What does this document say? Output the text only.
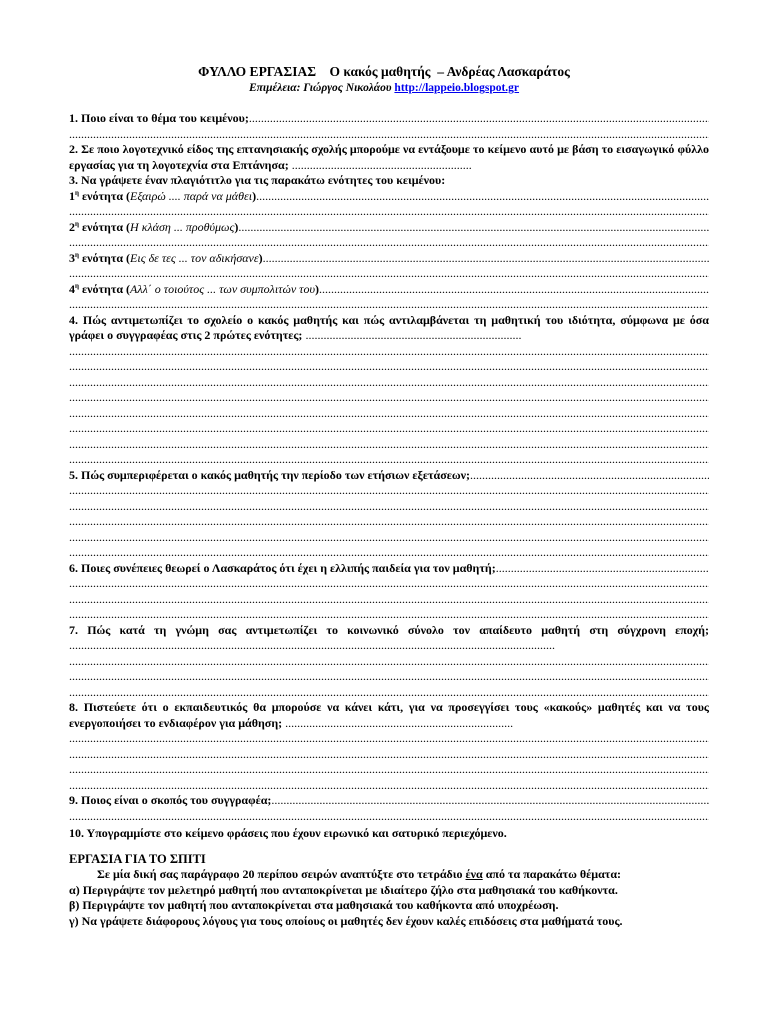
ΦΥΛΛΟ ΕΡΓΑΣΙΑΣ    Ο κακός μαθητής  – Ανδρέας Λασκαράτος
Επιμέλεια: Γιώργος Νικολάου http://lappeio.blogspot.gr
1. Ποιο είναι το θέμα του κειμένου;
.....
.....
2. Σε ποιο λογοτεχνικό είδος της επτανησιακής σχολής μπορούμε να εντάξουμε το κείμενο αυτό με βάση το εισαγωγικό φύλλο εργασίας για τη λογοτεχνία στα Επτάνησα; ............................................................
3. Να γράψετε έναν πλαγιότιτλο για τις παρακάτω ενότητες του κειμένου:
$1^\eta$ ενότητα (Εξαιρώ .... παρά να μάθει)
.....
.....
$2^\eta$ ενότητα (Η κλάση ... προθύμως)
.....
.....
$3^\eta$ ενότητα (Εις δε τες ... τον αδικήσανε)
.....
.....
$4^\eta$ ενότητα (Αλλ΄ ο τοιούτος ... των συμπολιτών του)
.....
.....
4. Πώς αντιμετωπίζει το σχολείο ο κακός μαθητής και πώς αντιλαμβάνεται τη μαθητική του ιδιότητα, σύμφωνα με όσα γράφει ο συγγραφέας στις 2 πρώτες ενότητες; ........................................................................
.....
.....
.....
.....
.....
.....
.....
.....
5. Πώς συμπεριφέρεται ο κακός μαθητής την περίοδο των ετήσιων εξετάσεων;
.....
.....
.....
.....
.....
.....
6. Ποιες συνέπειες θεωρεί ο Λασκαράτος ότι έχει η ελλιπής παιδεία για τον μαθητή;
.....
.....
.....
.....
7. Πώς κατά τη γνώμη σας αντιμετωπίζει το κοινωνικό σύνολο τον απαίδευτο μαθητή στη σύγχρονη εποχή; ..................................................................................................................................................................
.....
.....
.....
8. Πιστεύετε ότι ο εκπαιδευτικός θα μπορούσε να κάνει κάτι, για να προσεγγίσει τους «κακούς» μαθητές και να τους ενεργοποιήσει το ενδιαφέρον για μάθηση; ............................................................................
.....
.....
.....
.....
9. Ποιος είναι ο σκοπός του συγγραφέα;
.....
.....
10. Υπογραμμίστε στο κείμενο φράσεις που έχουν ειρωνικό και σατυρικό περιεχόμενο.
ΕΡΓΑΣΙΑ ΓΙΑ ΤΟ ΣΠΙΤΙ

Σε μία δική σας παράγραφο 20 περίπου σειρών αναπτύξτε στο τετράδιο ένα από τα παρακάτω θέματα:

α) Περιγράψτε τον μελετηρό μαθητή που ανταποκρίνεται με ιδιαίτερο ζήλο στα μαθησιακά του καθήκοντα.

β) Περιγράψτε τον μαθητή που ανταποκρίνεται στα μαθησιακά του καθήκοντα από υποχρέωση.

γ) Να γράψετε διάφορους λόγους για τους οποίους οι μαθητές δεν έχουν καλές επιδόσεις στα μαθήματά τους.
